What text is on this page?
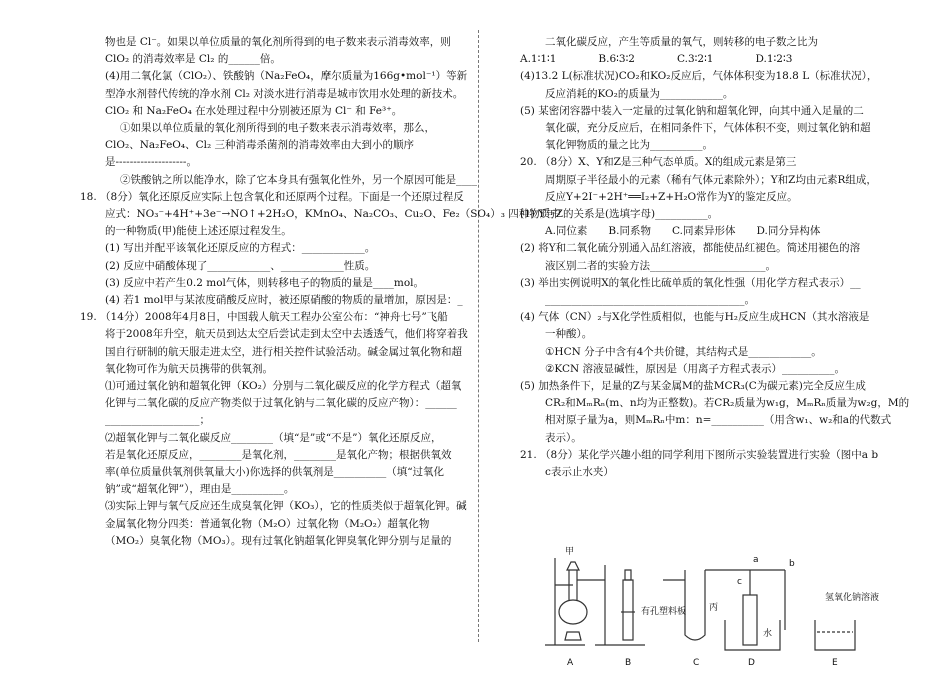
物也是 Cl⁻。如果以单位质量的氧化剂所得到的电子数来表示消毒效率，则
ClO₂ 的消毒效率是 Cl₂ 的______倍。
(4)用二氧化氯（ClO₂）、铁酸钠（Na₂FeO₄，摩尔质量为166g•mol⁻¹）等新
型净水剂替代传统的净水剂 Cl₂ 对淡水进行消毒是城市饮用水处理的新技术。
ClO₂ 和 Na₂FeO₄ 在水处理过程中分别被还原为 Cl⁻ 和 Fe³⁺。
①如果以单位质量的氧化剂所得到的电子数来表示消毒效率，那么，
ClO₂、Na₂FeO₄、Cl₂ 三种消毒杀菌剂的消毒效率由大到小的顺序
是--------------------。
②铁酸钠之所以能净水，除了它本身具有强氧化性外，另一个原因可能是____
18. （8分）氧化还原反应实际上包含氧化和还原两个过程。下面是一个还原过程反
应式：NO₃⁻+4H⁺+3e⁻→NO↑+2H₂O，KMnO₄、Na₂CO₃、Cu₂O、Fe₂（SO₄）₃ 四种物质中
的一种物质(甲)能使上述还原过程发生。
(1) 写出并配平该氧化还原反应的方程式：____________。
(2) 反应中硝酸体现了____________、____________性质。
(3) 反应中若产生0.2 mol气体，则转移电子的物质的量是____mol。
(4) 若1 mol甲与某浓度硝酸反应时，被还原硝酸的物质的量增加，原因是：_
19. （14分）2008年4月8日，中国载人航天工程办公室公布：“神舟七号”飞船
将于2008年升空，航天员到达太空后尝试走到太空中去透透气，他们将穿着我
国自行研制的航天服走进太空，进行相关控件试验活动。碱金属过氧化物和超
氧化物可作为航天员携带的供氧剂。
⑴可通过氧化钠和超氧化钾（KO₂）分别与二氧化碳反应的化学方程式（超氧
化钾与二氧化碳的反应产物类似于过氧化钠与二氧化碳的反应产物）：______
__________________；
⑵超氧化钾与二氧化碳反应________（填“是”或“不是”）氧化还原反应，
若是氧化还原反应，________是氧化剂，________是氧化产物；根据供氧效
率(单位质量供氧剂供氧量大小)你选择的供氧剂是__________（填“过氧化
钠”或“超氧化钾”），理由是__________。
⑶实际上钾与氧气反应还生成臭氧化钾（KO₃），它的性质类似于超氧化钾。碱
金属氧化物分四类：普通氧化物（M₂O）过氧化物（M₂O₂）超氧化物
（MO₂）臭氧化物（MO₃）。现有过氧化钠超氧化钾臭氧化钾分别与足量的
二氧化碳反应，产生等质量的氧气，则转移的电子数之比为
A.1∶1∶1　　　　B.6∶3∶2　　　　C.3∶2∶1　　　　D.1∶2∶3
(4)13.2 L(标准状况)CO₂和KO₂反应后，气体体积变为18.8 L（标准状况），
反应消耗的KO₂的质量为____________。
(5) 某密闭容器中装入一定量的过氧化钠和超氧化钾，向其中通入足量的二
氧化碳，充分反应后，在相同条件下，气体体积不变，则过氧化钠和超
氧化钾物质的量之比为__________。
20. （8分）X、Y和Z是三种气态单质。X的组成元素是第三
周期原子半径最小的元素（稀有气体元素除外）；Y和Z均由元素R组成，
反应Y+2I⁻+2H⁺══I₂+Z+H₂O常作为Y的鉴定反应。
(1) Y与Z的关系是(选填字母)__________。
A.同位素　　B.同系物　　C.同素异形体　　D.同分异构体
(2) 将Y和二氧化硫分别通入品红溶液，都能使品红褪色。简述用褪色的溶
液区别二者的实验方法______________________。
(3) 举出实例说明X的氧化性比硫单质的氧化性强（用化学方程式表示）__
______________________________________。
(4) 气体（CN）₂与X化学性质相似，也能与H₂反应生成HCN（其水溶液是
一种酸）。
①HCN 分子中含有4个共价键，其结构式是____________。
②KCN 溶液显碱性，原因是（用离子方程式表示）__________。
(5) 加热条件下，足量的Z与某金属M的盐MCR₃(C为碳元素)完全反应生成
CR₂和MₘRₙ(m、n均为正整数)。若CR₂质量为w₁g，MₘRₙ质量为w₂g，M的
相对原子量为a，则MₘRₙ中m：n=__________（用含w₁、w₂和a的代数式
表示）。
21. （8分）某化学兴趣小组的同学利用下图所示实验装置进行实验（图中a b
c表示止水夹）
甲
有孔塑料板	丙
水
a	b
c
氢氧化钠溶液
A	B	C	D	E
